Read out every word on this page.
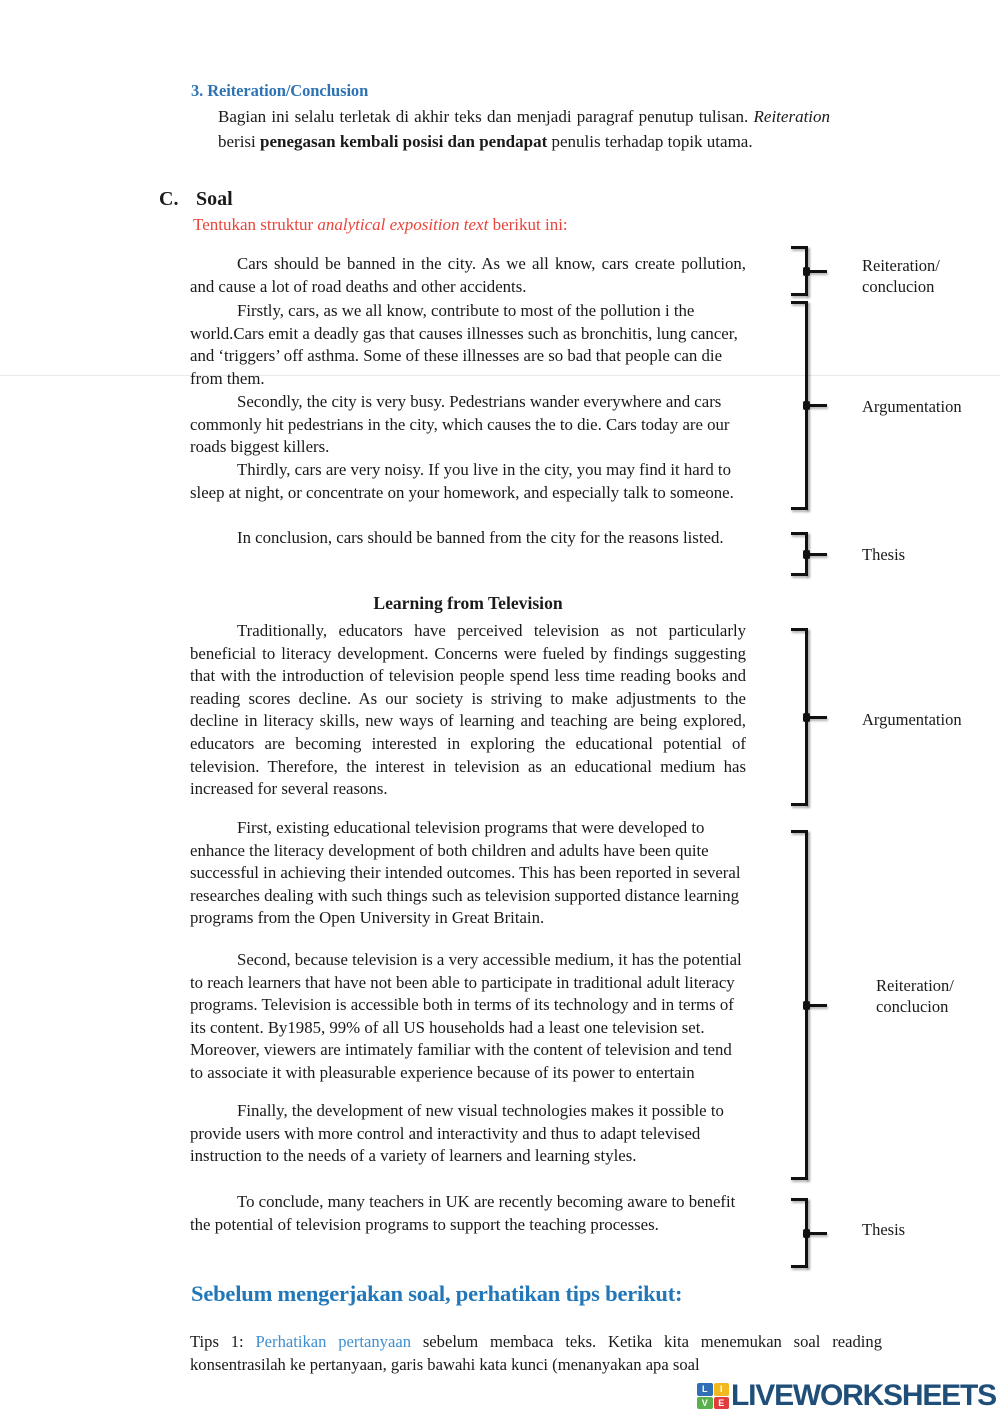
3. Reiteration/Conclusion
Bagian ini selalu terletak di akhir teks dan menjadi paragraf penutup tulisan. Reiteration berisi penegasan kembali posisi dan pendapat penulis terhadap topik utama.
C. Soal
Tentukan struktur analytical exposition text berikut ini:
Cars should be banned in the city. As we all know, cars create pollution, and cause a lot of road deaths and other accidents.
Firstly, cars, as we all know, contribute to most of the pollution i the world.Cars emit a deadly gas that causes illnesses such as bronchitis, lung cancer, and ‘triggers’ off asthma. Some of these illnesses are so bad that people can die from them.
Secondly, the city is very busy. Pedestrians wander everywhere and cars commonly hit pedestrians in the city, which causes the to die. Cars today are our roads biggest killers.
Thirdly, cars are very noisy. If you live in the city, you may find it hard to sleep at night, or concentrate on your homework, and especially talk to someone.
In conclusion, cars should be banned from the city for the reasons listed.
Learning from Television
Traditionally, educators have perceived television as not particularly beneficial to literacy development. Concerns were fueled by findings suggesting that with the introduction of television people spend less time reading books and reading scores decline. As our society is striving to make adjustments to the decline in literacy skills, new ways of learning and teaching are being explored, educators are becoming interested in exploring the educational potential of television. Therefore, the interest in television as an educational medium has increased for several reasons.
First, existing educational television programs that were developed to enhance the literacy development of both children and adults have been quite successful in achieving their intended outcomes. This has been reported in several researches dealing with such things such as television supported distance learning programs from the Open University in Great Britain.
Second, because television is a very accessible medium, it has the potential to reach learners that have not been able to participate in traditional adult literacy programs. Television is accessible both in terms of its technology and in terms of its content. By1985, 99% of all US households had a least one television set. Moreover, viewers are intimately familiar with the content of television and tend to associate it with pleasurable experience because of its power to entertain
Finally, the development of new visual technologies makes it possible to provide users with more control and interactivity and thus to adapt televised instruction to the needs of a variety of learners and learning styles.
To conclude, many teachers in UK are recently becoming aware to benefit the potential of television programs to support the teaching processes.
Reiteration/
conclucion
Argumentation
Thesis
Argumentation
Reiteration/
conclucion
Thesis
Sebelum mengerjakan soal, perhatikan tips berikut:
Tips 1: Perhatikan pertanyaan sebelum membaca teks. Ketika kita menemukan soal reading konsentrasilah ke pertanyaan, garis bawahi kata kunci (menanyakan apa soal
L	I
V	E LIVEWORKSHEETS
